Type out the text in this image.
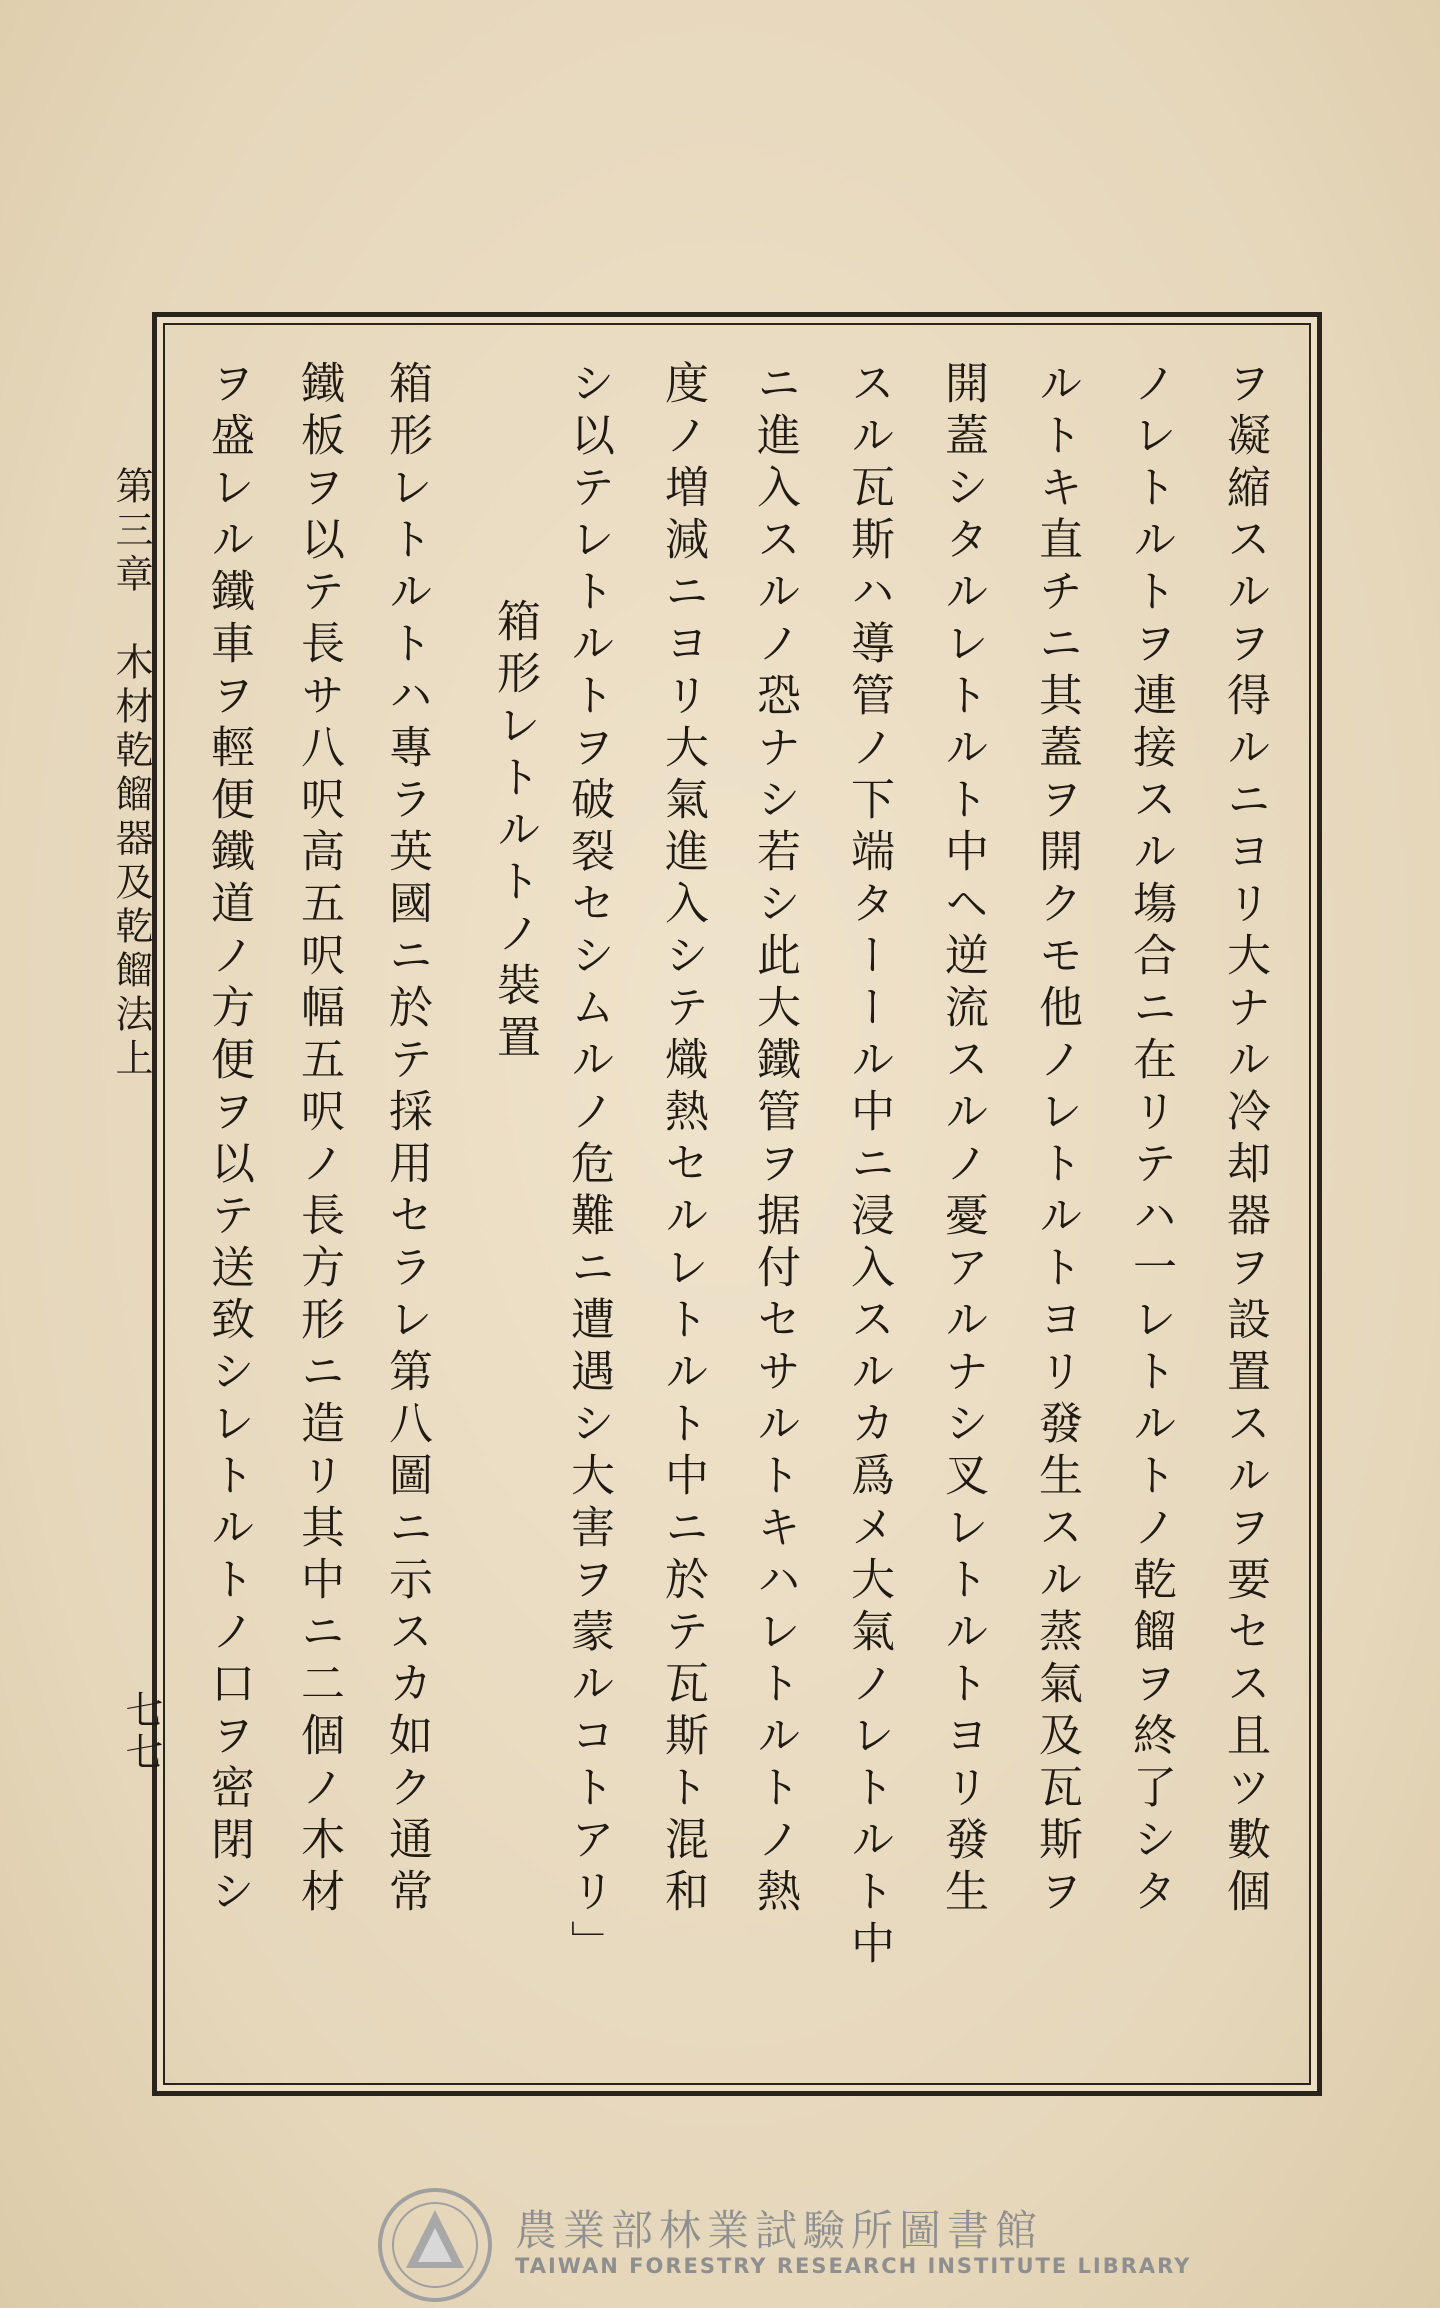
第三章　木材乾餾器及乾餾法上
七七	ヲ凝縮スルヲ得ルニヨリ大ナル冷却器ヲ設置スルヲ要セス且ツ數個
ノレトルトヲ連接スル塲合ニ在リテハ一レトルトノ乾餾ヲ終了シタ
ルトキ直チニ其蓋ヲ開クモ他ノレトルトヨリ發生スル蒸氣及瓦斯ヲ
開蓋シタルレトルト中ヘ逆流スルノ憂アルナシ叉レトルトヨリ發生
スル瓦斯ハ導管ノ下端ターール中ニ浸入スルカ爲メ大氣ノレトルト中
ニ進入スルノ恐ナシ若シ此大鐵管ヲ据付セサルトキハレトルトノ熱
度ノ増減ニヨリ大氣進入シテ熾熱セルレトルト中ニ於テ瓦斯ト混和
シ以テレトルトヲ破裂セシムルノ危難ニ遭遇シ大害ヲ蒙ルコトアリ」
箱形レトルトノ裝置
箱形レトルトハ專ラ英國ニ於テ採用セラレ第八圖ニ示スカ如ク通常
鐵板ヲ以テ長サ八呎高五呎幅五呎ノ長方形ニ造リ其中ニ二個ノ木材
ヲ盛レル鐵車ヲ輕便鐵道ノ方便ヲ以テ送致シレトルトノ口ヲ密閉シ
農業部林業試驗所圖書館
TAIWAN FORESTRY RESEARCH INSTITUTE LIBRARY
